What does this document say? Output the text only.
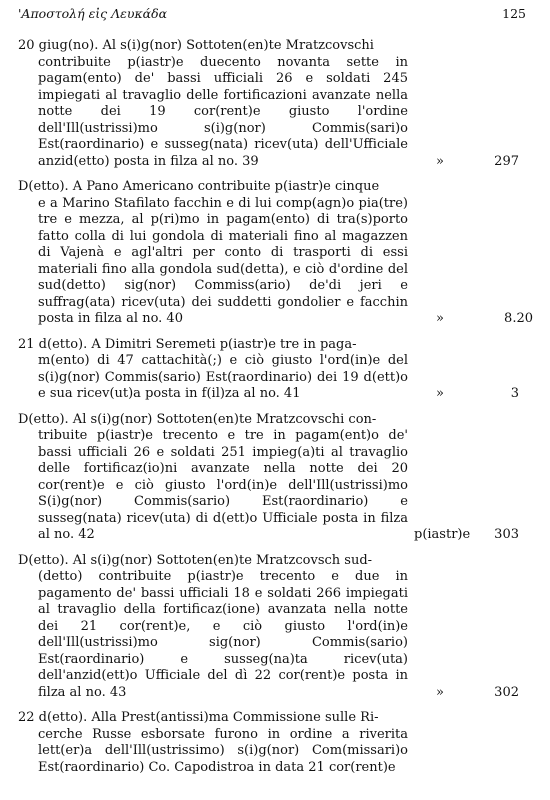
'Αποστολή εἰς Λευκάδα	125
20 giug(no). Al s(i)g(nor) Sottoten(en)te Mratzcovschi
contribuite p(iastr)e duecento novanta sette in pagam(ento) de' bassi ufficiali 26 e soldati 245 impiegati al travaglio delle fortificazioni avanzate nella notte dei 19 cor(rent)e giusto l'ordine dell'Ill(ustrissi)mo s(i)g(nor) Commis(sari)o Est(raordinario) e susseg(nata) ricev(uta) dell'Ufficiale anzid(etto) posta in filza al no. 39	»	297
D(etto). A Pano Americano contribuite p(iastr)e cinque
e a Marino Stafilato facchin e di lui comp(agn)o pia(tre) tre e mezza, al p(ri)mo in pagam(ento) di tra(s)porto fatto colla di lui gondola di materiali fino al magazzen di Vajenà e agl'altri per conto di trasporti di essi materiali fino alla gondola sud(detta), e ciò d'ordine del sud(detto) sig(nor) Commiss(ario) de'di jeri e suffrag(ata) ricev(uta) dei suddetti gondolier e facchin posta in filza al no. 40	»	8.20
21 d(etto). A Dimitri Seremeti p(iastr)e tre in paga-
m(ento) di 47 cattachità(;) e ciò giusto l'ord(in)e del s(i)g(nor) Commis(sario) Est(raordinario) dei 19 d(ett)o e sua ricev(ut)a posta in f(il)za al no. 41	»	3
D(etto). Al s(i)g(nor) Sottoten(en)te Mratzcovschi con-
tribuite p(iastr)e trecento e tre in pagam(ent)o de' bassi ufficiali 26 e soldati 251 impieg(a)ti al travaglio delle fortificaz(io)ni avanzate nella notte dei 20 cor(rent)e e ciò giusto l'ord(in)e dell'Ill(ustrissi)mo S(i)g(nor) Commis(sario) Est(raordinario) e susseg(nata) ricev(uta) di d(ett)o Ufficiale posta in filza al no. 42	p(iastr)e 303
D(etto). Al s(i)g(nor) Sottoten(en)te Mratzcovsch sud-
(detto) contribuite p(iastr)e trecento e due in pagamento de' bassi ufficiali 18 e soldati 266 impiegati al travaglio della fortificaz(ione) avanzata nella notte dei 21 cor(rent)e, e ciò giusto l'ord(in)e dell'Ill(ustrissi)mo sig(nor) Commis(sario) Est(raordinario) e susseg(na)ta ricev(uta) dell'anzid(ett)o Ufficiale del dì 22 cor(rent)e posta in filza al no. 43	»	302
22 d(etto). Alla Prest(antissi)ma Commissione sulle Ri-
cerche Russe esborsate furono in ordine a riverita lett(er)a dell'Ill(ustrissimo) s(i)g(nor) Com(missari)o Est(raordinario) Co. Capodistroa in data 21 cor(rent)e
